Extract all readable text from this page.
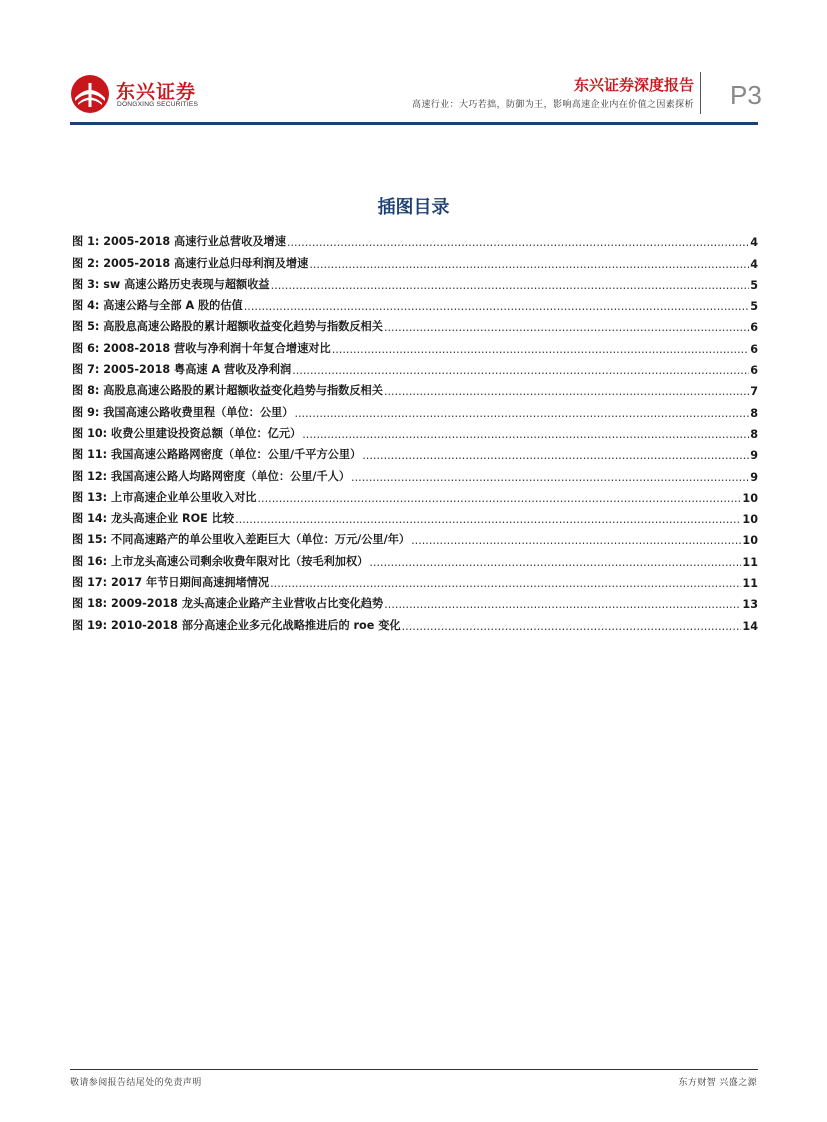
东兴证券
DONGXING SECURITIES
东兴证券深度报告
高速行业：大巧若拙，防御为王，影响高速企业内在价值之因素探析 P3
插图目录
图 1: 2005-2018 高速行业总营收及增速 .....	4
图 2: 2005-2018 高速行业总归母利润及增速 .....	4
图 3: sw 高速公路历史表现与超额收益 .....	5
图 4: 高速公路与全部 A 股的估值 .....	5
图 5: 高股息高速公路股的累计超额收益变化趋势与指数反相关 .....	6
图 6: 2008-2018 营收与净利润十年复合增速对比 .....	6
图 7: 2005-2018 粤高速 A 营收及净利润 .....	6
图 8: 高股息高速公路股的累计超额收益变化趋势与指数反相关 .....	7
图 9: 我国高速公路收费里程（单位：公里） .....	8
图 10: 收费公里建设投资总额（单位：亿元） .....	8
图 11: 我国高速公路路网密度（单位：公里/千平方公里） .....	9
图 12: 我国高速公路人均路网密度（单位：公里/千人） .....	9
图 13: 上市高速企业单公里收入对比 .....	10
图 14: 龙头高速企业 ROE 比较 .....	10
图 15: 不同高速路产的单公里收入差距巨大（单位：万元/公里/年） .....	10
图 16: 上市龙头高速公司剩余收费年限对比（按毛利加权） .....	11
图 17: 2017 年节日期间高速拥堵情况 .....	11
图 18: 2009-2018 龙头高速企业路产主业营收占比变化趋势 .....	13
图 19: 2010-2018 部分高速企业多元化战略推进后的 roe 变化 .....	14
敬请参阅报告结尾处的免责声明	东方财智 兴盛之源
